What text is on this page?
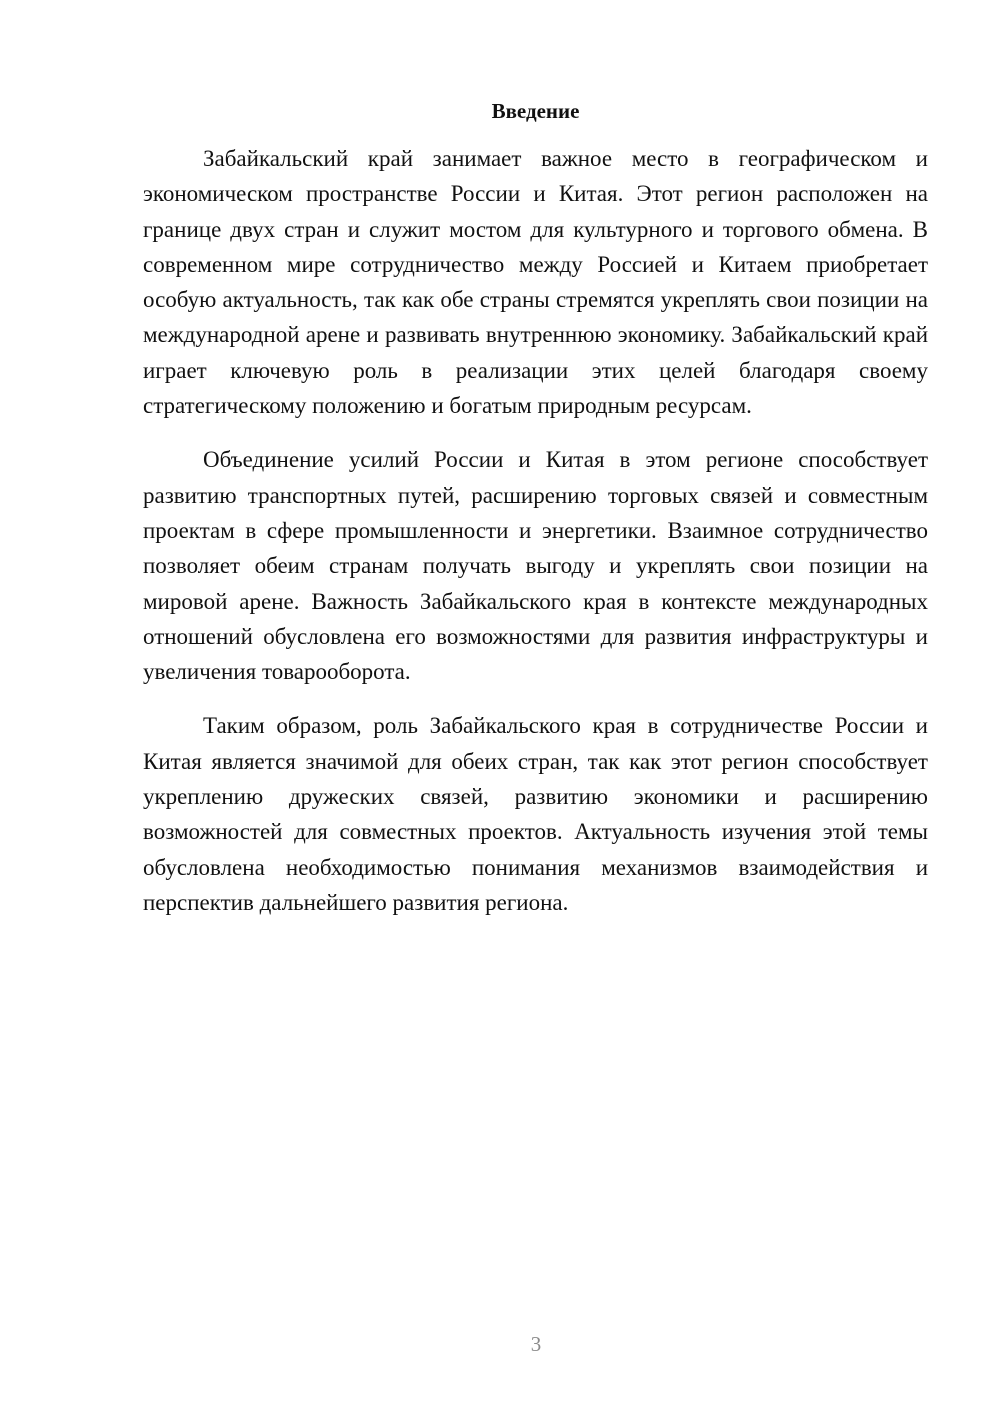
Введение

Забайкальский край занимает важное место в географическом и экономическом пространстве России и Китая. Этот регион расположен на границе двух стран и служит мостом для культурного и торгового обмена. В современном мире сотрудничество между Россией и Китаем приобретает особую актуальность, так как обе страны стремятся укреплять свои позиции на международной арене и развивать внутреннюю экономику. Забайкальский край играет ключевую роль в реализации этих целей благодаря своему стратегическому положению и богатым природным ресурсам.

Объединение усилий России и Китая в этом регионе способствует развитию транспортных путей, расширению торговых связей и совместным проектам в сфере промышленности и энергетики. Взаимное сотрудничество позволяет обеим странам получать выгоду и укреплять свои позиции на мировой арене. Важность Забайкальского края в контексте международных отношений обусловлена его возможностями для развития инфраструктуры и увеличения товарооборота.

Таким образом, роль Забайкальского края в сотрудничестве России и Китая является значимой для обеих стран, так как этот регион способствует укреплению дружеских связей, развитию экономики и расширению возможностей для совместных проектов. Актуальность изучения этой темы обусловлена необходимостью понимания механизмов взаимодействия и перспектив дальнейшего развития региона.

3
